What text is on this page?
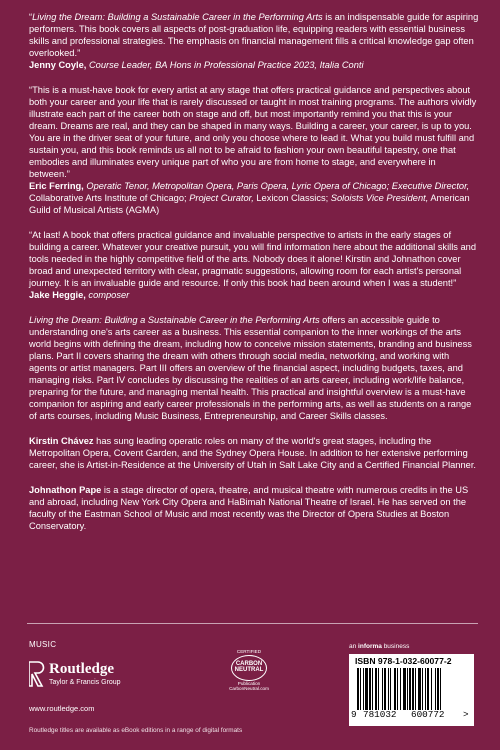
“Living the Dream: Building a Sustainable Career in the Performing Arts is an indispensable guide for aspiring performers. This book covers all aspects of post-graduation life, equipping readers with essential business skills and professional strategies. The emphasis on financial management fills a critical knowledge gap often overlooked.”

Jenny Coyle, Course Leader, BA Hons in Professional Practice 2023, Italia Conti

“This is a must-have book for every artist at any stage that offers practical guidance and perspectives about both your career and your life that is rarely discussed or taught in most training programs. The authors vividly illustrate each part of the career both on stage and off, but most importantly remind you that this is your dream. Dreams are real, and they can be shaped in many ways. Building a career, your career, is up to you. You are in the driver seat of your future, and only you choose where to lead it. What you build must fulfill and sustain you, and this book reminds us all not to be afraid to fashion your own beautiful tapestry, one that embodies and illuminates every unique part of who you are from home to stage, and everywhere in between.”

Eric Ferring, Operatic Tenor, Metropolitan Opera, Paris Opera, Lyric Opera of Chicago; Executive Director, Collaborative Arts Institute of Chicago; Project Curator, Lexicon Classics; Soloists Vice President, American Guild of Musical Artists (AGMA)

“At last! A book that offers practical guidance and invaluable perspective to artists in the early stages of building a career. Whatever your creative pursuit, you will find information here about the additional skills and tools needed in the highly competitive field of the arts. Nobody does it alone! Kirstin and Johnathon cover broad and unexpected territory with clear, pragmatic suggestions, allowing room for each artist's personal journey. It is an invaluable guide and resource. If only this book had been around when I was a student!”

Jake Heggie, composer

Living the Dream: Building a Sustainable Career in the Performing Arts offers an accessible guide to understanding one's arts career as a business. This essential companion to the inner workings of the arts world begins with defining the dream, including how to conceive mission statements, branding and business plans. Part II covers sharing the dream with others through social media, networking, and working with agents or artist managers. Part III offers an overview of the financial aspect, including budgets, taxes, and managing risks. Part IV concludes by discussing the realities of an arts career, including work/life balance, preparing for the future, and managing mental health. This practical and insightful overview is a must-have companion for aspiring and early career professionals in the performing arts, as well as students on a range of arts courses, including Music Business, Entrepreneurship, and Career Skills classes.

Kirstin Chávez has sung leading operatic roles on many of the world's great stages, including the Metropolitan Opera, Covent Garden, and the Sydney Opera House. In addition to her extensive performing career, she is Artist-in-Residence at the University of Utah in Salt Lake City and a Certified Financial Planner.

Johnathon Pape is a stage director of opera, theatre, and musical theatre with numerous credits in the US and abroad, including New York City Opera and HaBimah National Theatre of Israel. He has served on the faculty of the Eastman School of Music and most recently was the Director of Opera Studies at Boston Conservatory.

MUSIC
Routledge
Taylor & Francis Group
www.routledge.com
Routledge titles are available as eBook editions in a range of digital formats
CERTIFIED
CARBON NEUTRAL
Publication
CarbonNeutral.com
an informa business
ISBN 978-1-032-60077-2
9 781032 600772 >
